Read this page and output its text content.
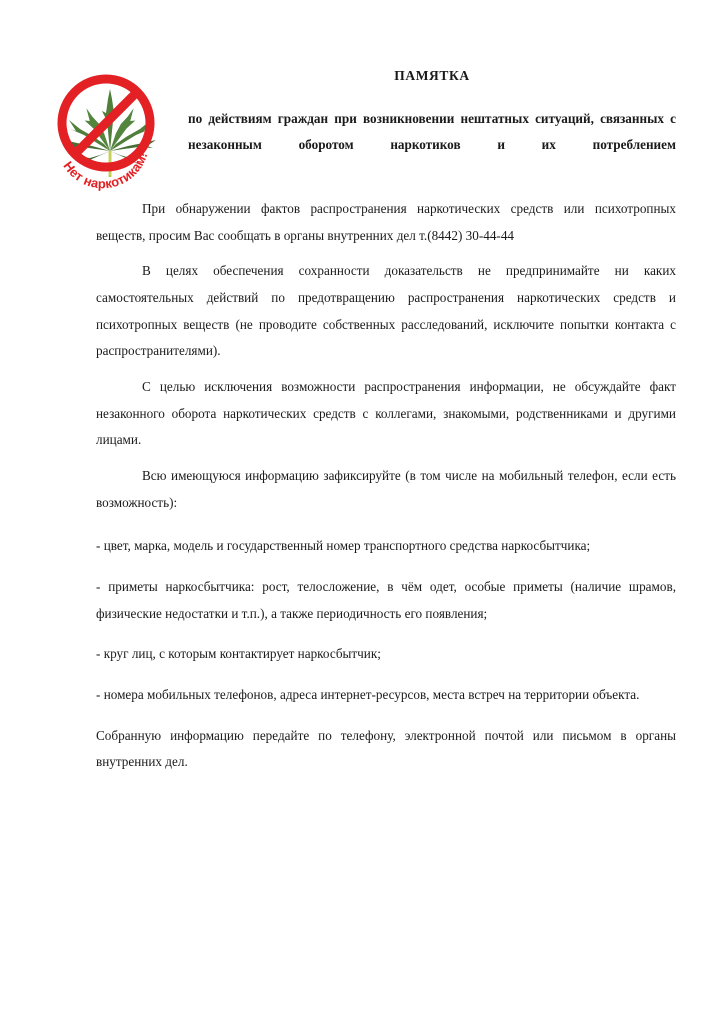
Нет наркотикам!
ПАМЯТКА
по действиям граждан при возникновении нештатных ситуаций, связанных с незаконным оборотом наркотиков и их потреблением

При обнаружении фактов распространения наркотических средств или психотропных веществ, просим Вас сообщать в органы внутренних дел т.(8442) 30-44-44

В целях обеспечения сохранности доказательств не предпринимайте ни каких самостоятельных действий по предотвращению распространения наркотических средств и психотропных веществ (не проводите собственных расследований, исключите попытки контакта с распространителями).

С целью исключения возможности распространения информации, не обсуждайте факт незаконного оборота наркотических средств с коллегами, знакомыми, родственниками и другими лицами.

Всю имеющуюся информацию зафиксируйте (в том числе на мобильный телефон, если есть возможность):

- цвет, марка, модель и государственный номер транспортного средства наркосбытчика;

- приметы наркосбытчика: рост, телосложение, в чём одет, особые приметы (наличие шрамов, физические недостатки и т.п.), а также периодичность его появления;

- круг лиц, с которым контактирует наркосбытчик;

- номера мобильных телефонов, адреса интернет-ресурсов, места встреч на территории объекта.

Собранную информацию передайте по телефону, электронной почтой или письмом в органы внутренних дел.
